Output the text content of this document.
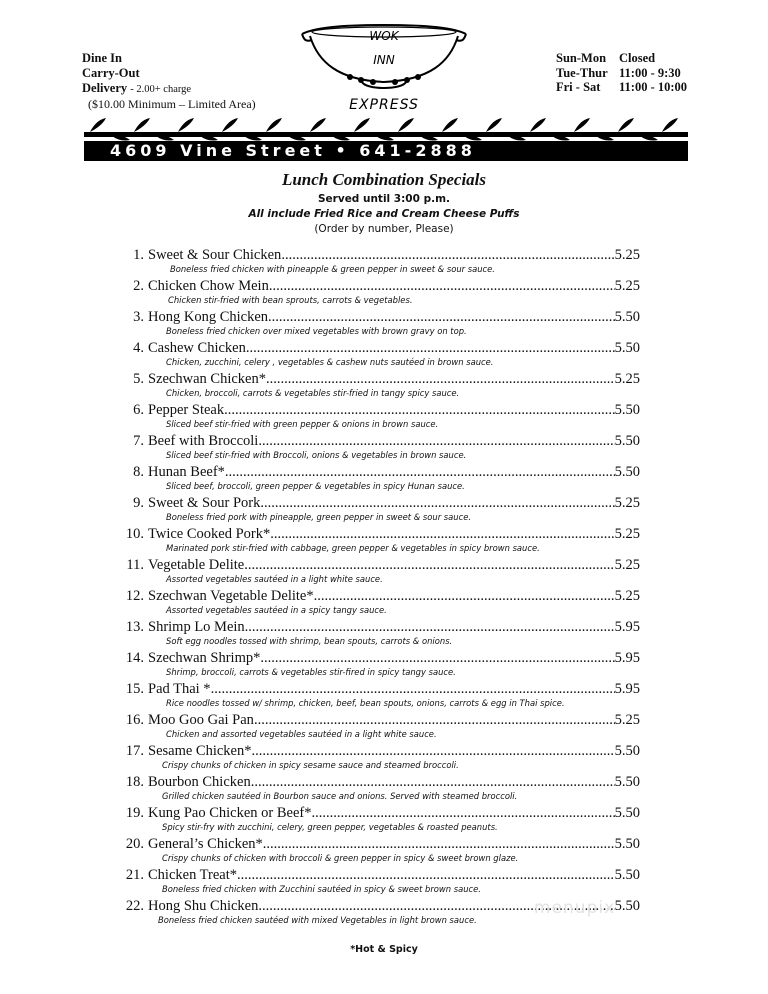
Dine In
Carry-Out
Delivery - 2.00+ charge
($10.00 Minimum – Limited Area)
WOK
INN
EXPRESS
Sun-Mon	Closed
Tue-Thur	11:00 - 9:30
Fri - Sat	11:00 - 10:00
4609 Vine Street • 641-2888
Lunch Combination Specials
Served until 3:00 p.m.
All include Fried Rice and Cream Cheese Puffs
(Order by number, Please)
1. Sweet & Sour Chicken .....	5.25
Boneless fried chicken with pineapple & green pepper in sweet & sour sauce.
2. Chicken Chow Mein .....	5.25
Chicken stir-fried with bean sprouts, carrots & vegetables.
3. Hong Kong Chicken .....	5.50
Boneless fried chicken over mixed vegetables with brown gravy on top.
4. Cashew Chicken .....	5.50
Chicken, zucchini, celery , vegetables & cashew nuts sautéed in brown sauce.
5. Szechwan Chicken* .....	5.25
Chicken, broccoli, carrots & vegetables stir-fried in tangy spicy sauce.
6. Pepper Steak .....	5.50
Sliced beef stir-fried with green pepper & onions in brown sauce.
7. Beef with Broccoli .....	5.50
Sliced beef stir-fried with Broccoli, onions & vegetables in brown sauce.
8. Hunan Beef* .....	5.50
Sliced beef, broccoli, green pepper & vegetables in spicy Hunan sauce.
9. Sweet & Sour Pork .....	5.25
Boneless fried pork with pineapple, green pepper in sweet & sour sauce.
10. Twice Cooked Pork* .....	5.25
Marinated pork stir-fried with cabbage, green pepper & vegetables in spicy brown sauce.
11. Vegetable Delite .....	5.25
Assorted vegetables sautéed in a light white sauce.
12. Szechwan Vegetable Delite* .....	5.25
Assorted vegetables sautéed in a spicy tangy sauce.
13. Shrimp Lo Mein .....	5.95
Soft egg noodles tossed with shrimp, bean spouts, carrots & onions.
14. Szechwan Shrimp* .....	5.95
Shrimp, broccoli, carrots & vegetables stir-fired in spicy tangy sauce.
15. Pad Thai * .....	5.95
Rice noodles tossed w/ shrimp, chicken, beef, bean spouts, onions, carrots & egg in Thai spice.
16. Moo Goo Gai Pan .....	5.25
Chicken and assorted vegetables sautéed in a light white sauce.
17. Sesame Chicken* .....	5.50
Crispy chunks of chicken in spicy sesame sauce and steamed broccoli.
18. Bourbon Chicken .....	5.50
Grilled chicken sautéed in Bourbon sauce and onions. Served with steamed broccoli.
19. Kung Pao Chicken or Beef* .....	5.50
Spicy stir-fry with zucchini, celery, green pepper, vegetables & roasted peanuts.
20. General’s Chicken* .....	5.50
Crispy chunks of chicken with broccoli & green pepper in spicy & sweet brown glaze.
21. Chicken Treat* .....	5.50
Boneless fried chicken with Zucchini sautéed in spicy & sweet brown sauce.
22. Hong Shu Chicken .....	5.50
Boneless fried chicken sautéed with mixed Vegetables in light brown sauce.
*Hot & Spicy
menupix
